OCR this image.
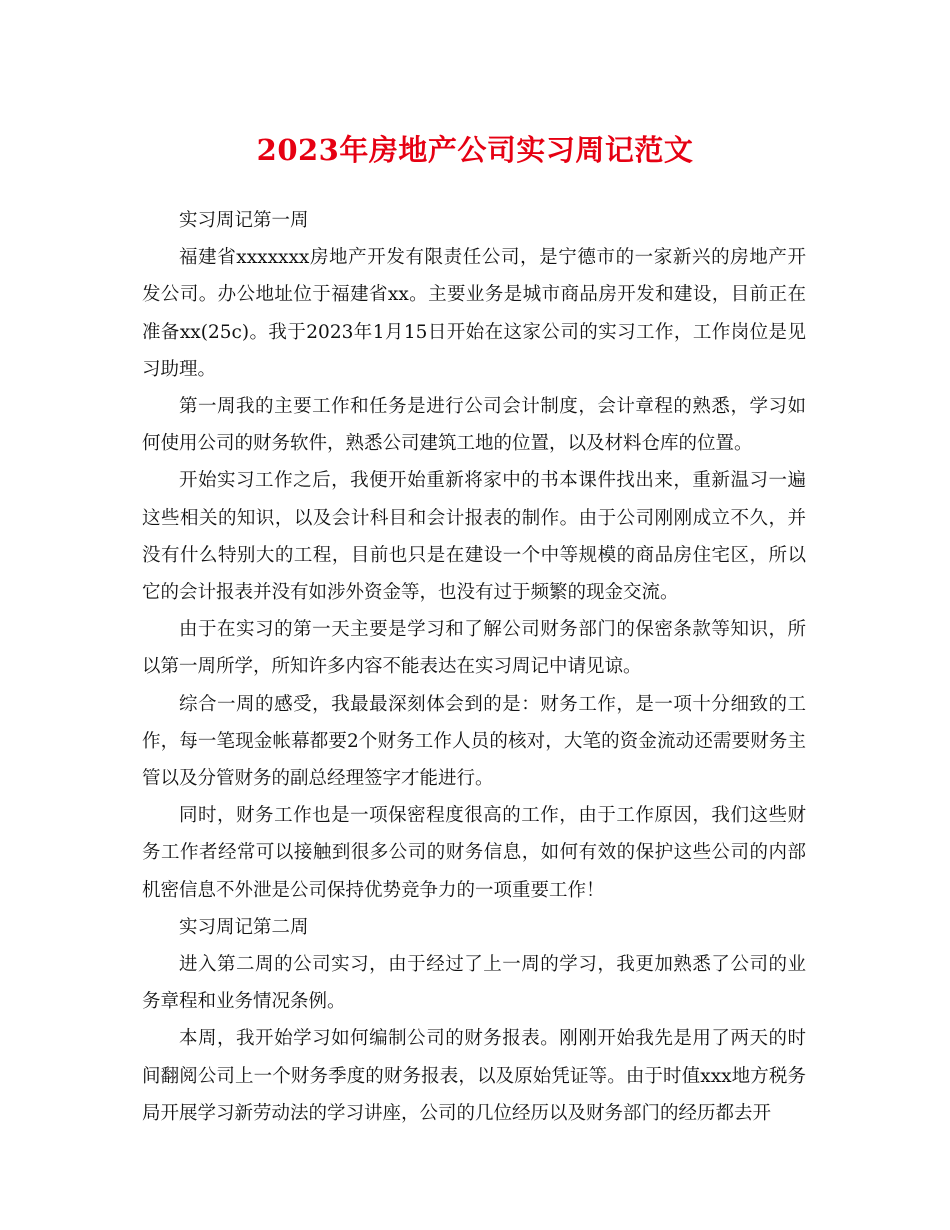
2023年房地产公司实习周记范文

实习周记第一周

福建省xxxxxxx房地产开发有限责任公司，是宁德市的一家新兴的房地产开发公司。办公地址位于福建省xx。主要业务是城市商品房开发和建设，目前正在准备xx(25c)。我于2023年1月15日开始在这家公司的实习工作，工作岗位是见习助理。

第一周我的主要工作和任务是进行公司会计制度，会计章程的熟悉，学习如何使用公司的财务软件，熟悉公司建筑工地的位置，以及材料仓库的位置。

开始实习工作之后，我便开始重新将家中的书本课件找出来，重新温习一遍这些相关的知识，以及会计科目和会计报表的制作。由于公司刚刚成立不久，并没有什么特别大的工程，目前也只是在建设一个中等规模的商品房住宅区，所以它的会计报表并没有如涉外资金等，也没有过于频繁的现金交流。

由于在实习的第一天主要是学习和了解公司财务部门的保密条款等知识，所以第一周所学，所知许多内容不能表达在实习周记中请见谅。

综合一周的感受，我最最深刻体会到的是：财务工作，是一项十分细致的工作，每一笔现金帐幕都要2个财务工作人员的核对，大笔的资金流动还需要财务主管以及分管财务的副总经理签字才能进行。

同时，财务工作也是一项保密程度很高的工作，由于工作原因，我们这些财务工作者经常可以接触到很多公司的财务信息，如何有效的保护这些公司的内部机密信息不外泄是公司保持优势竞争力的一项重要工作！

实习周记第二周

进入第二周的公司实习，由于经过了上一周的学习，我更加熟悉了公司的业务章程和业务情况条例。

本周，我开始学习如何编制公司的财务报表。刚刚开始我先是用了两天的时间翻阅公司上一个财务季度的财务报表，以及原始凭证等。由于时值xxx地方税务局开展学习新劳动法的学习讲座，公司的几位经历以及财务部门的经历都去开
